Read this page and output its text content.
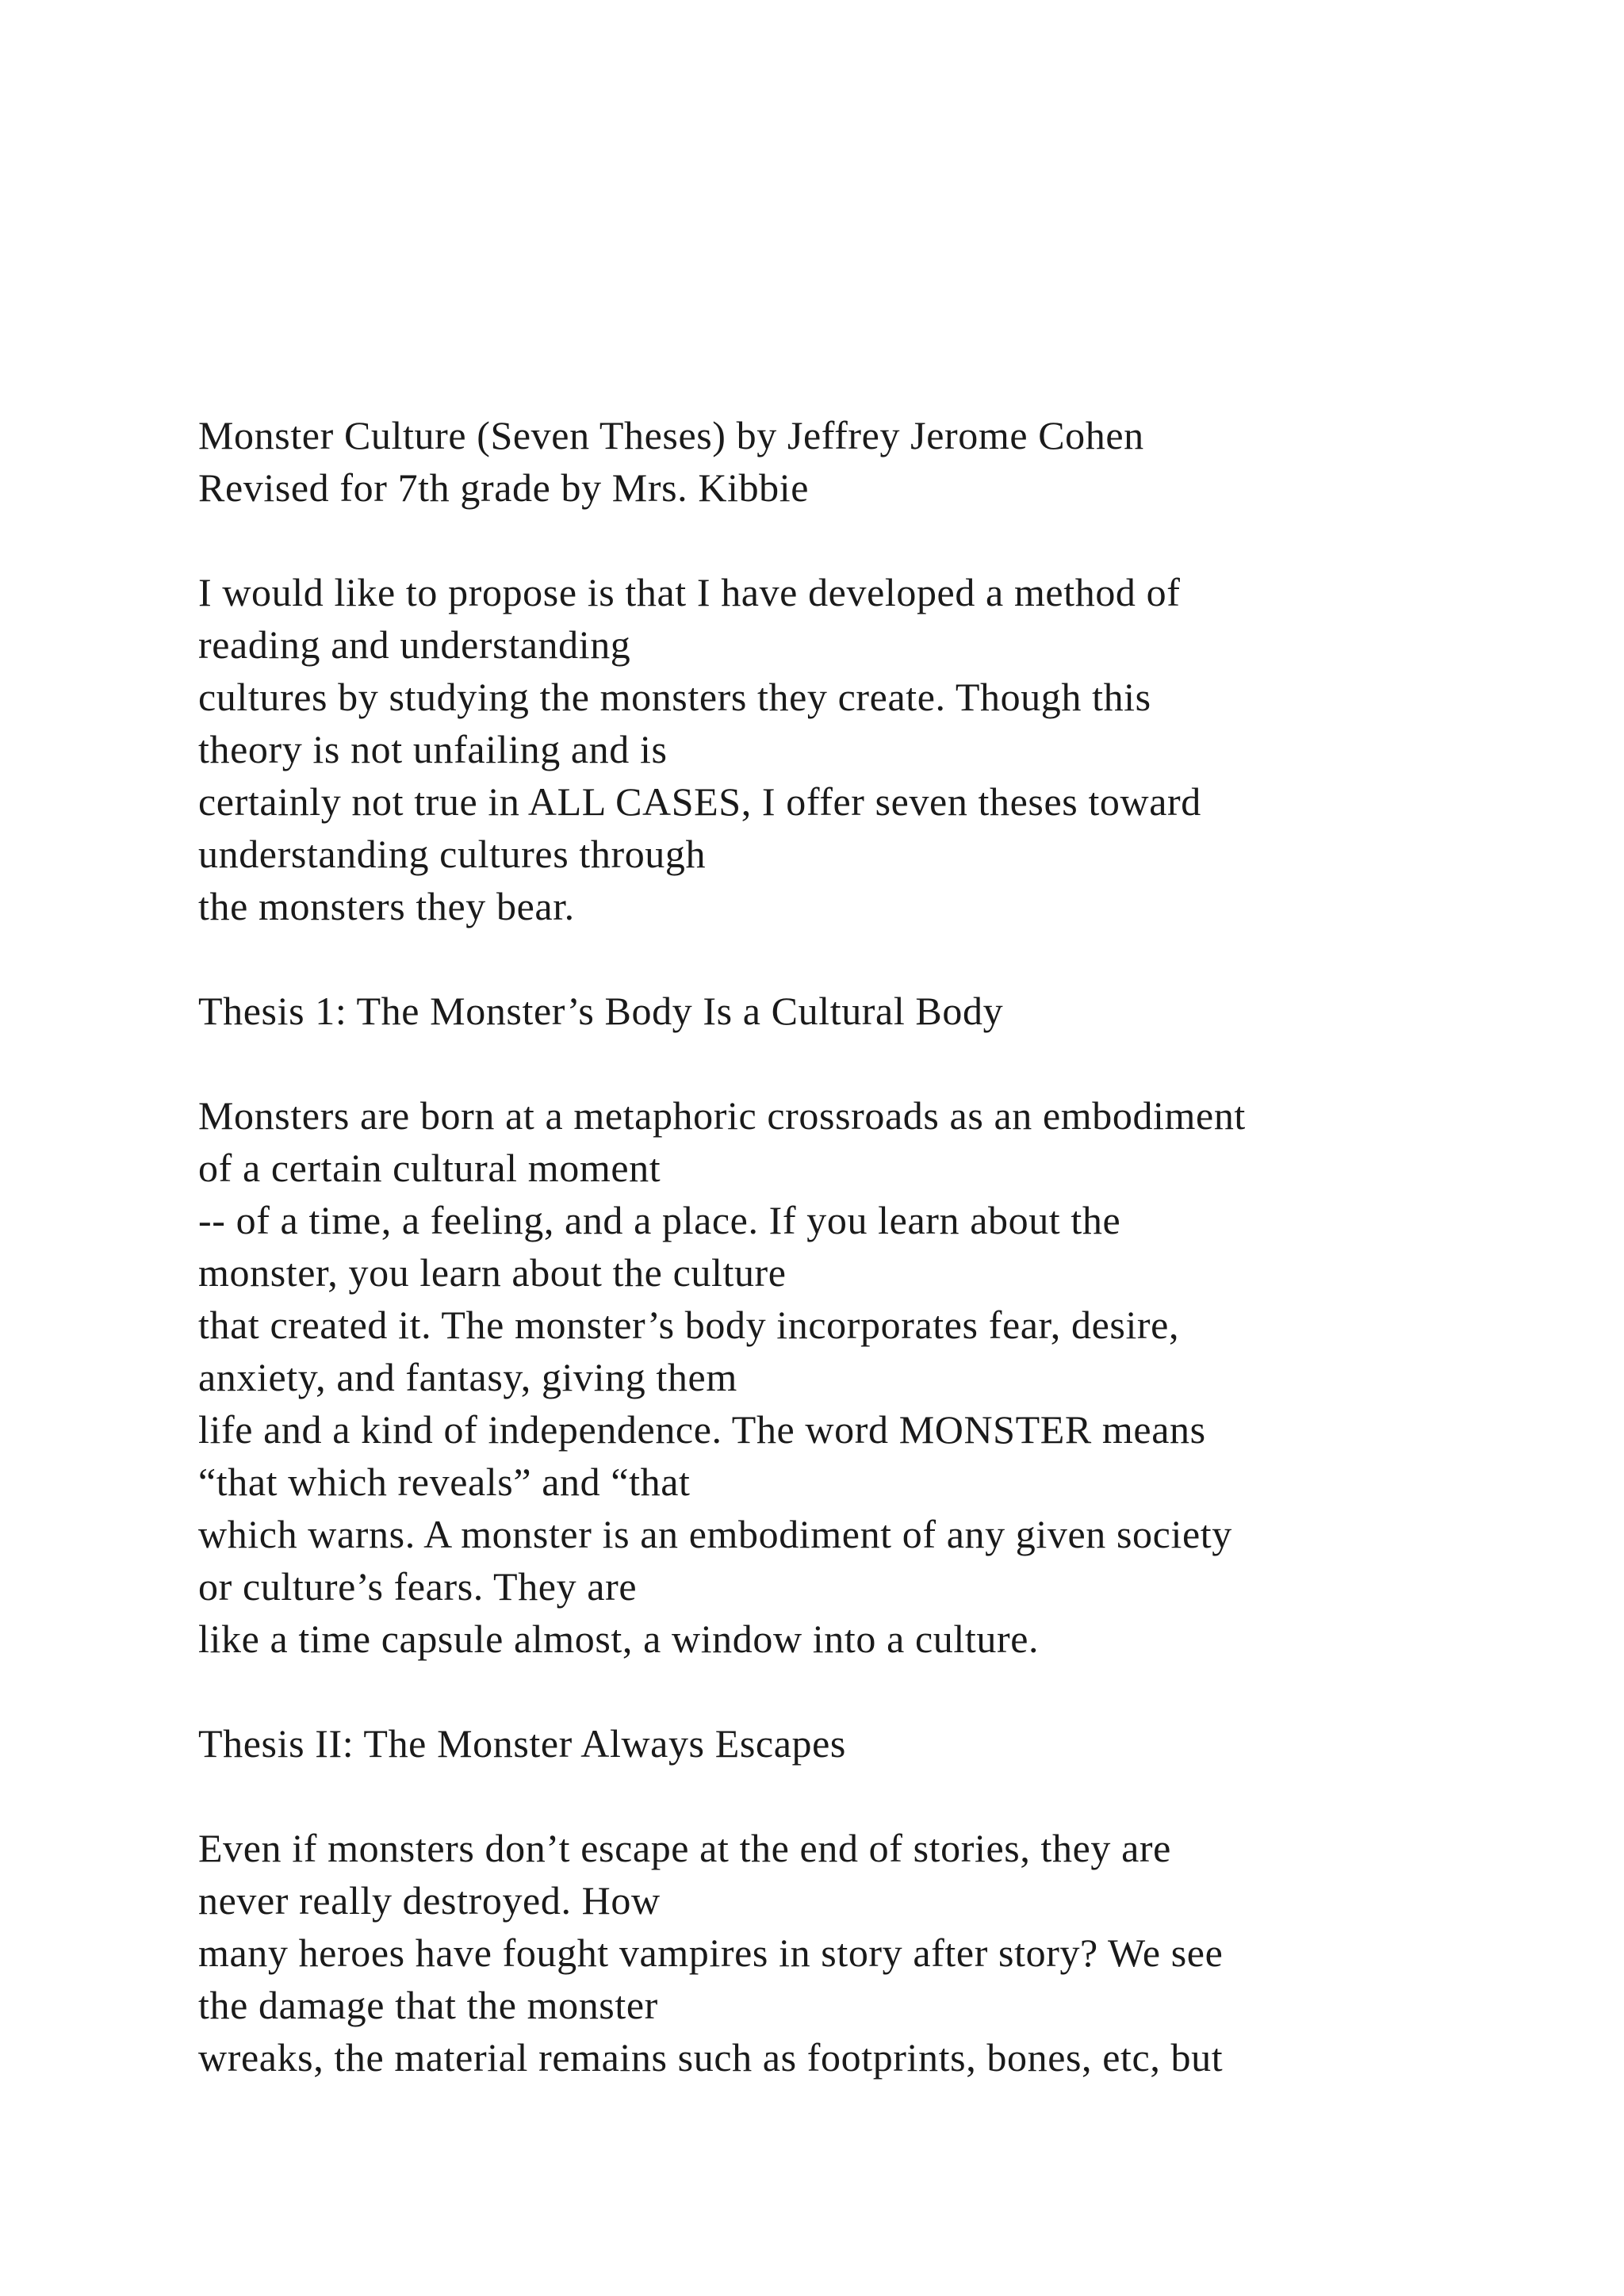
Monster Culture (Seven Theses) by Jeffrey Jerome Cohen
Revised for 7th grade by Mrs. Kibbie
I would like to propose is that I have developed a method of
reading and understanding
cultures by studying the monsters they create. Though this
theory is not unfailing and is
certainly not true in ALL CASES, I offer seven theses toward
understanding cultures through
the monsters they bear.
Thesis 1: The Monster’s Body Is a Cultural Body
Monsters are born at a metaphoric crossroads as an embodiment
of a certain cultural moment
-- of a time, a feeling, and a place. If you learn about the
monster, you learn about the culture
that created it. The monster’s body incorporates fear, desire,
anxiety, and fantasy, giving them
life and a kind of independence. The word MONSTER means
“that which reveals” and “that
which warns. A monster is an embodiment of any given society
or culture’s fears. They are
like a time capsule almost, a window into a culture.
Thesis II: The Monster Always Escapes
Even if monsters don’t escape at the end of stories, they are
never really destroyed. How
many heroes have fought vampires in story after story? We see
the damage that the monster
wreaks, the material remains such as footprints, bones, etc, but
